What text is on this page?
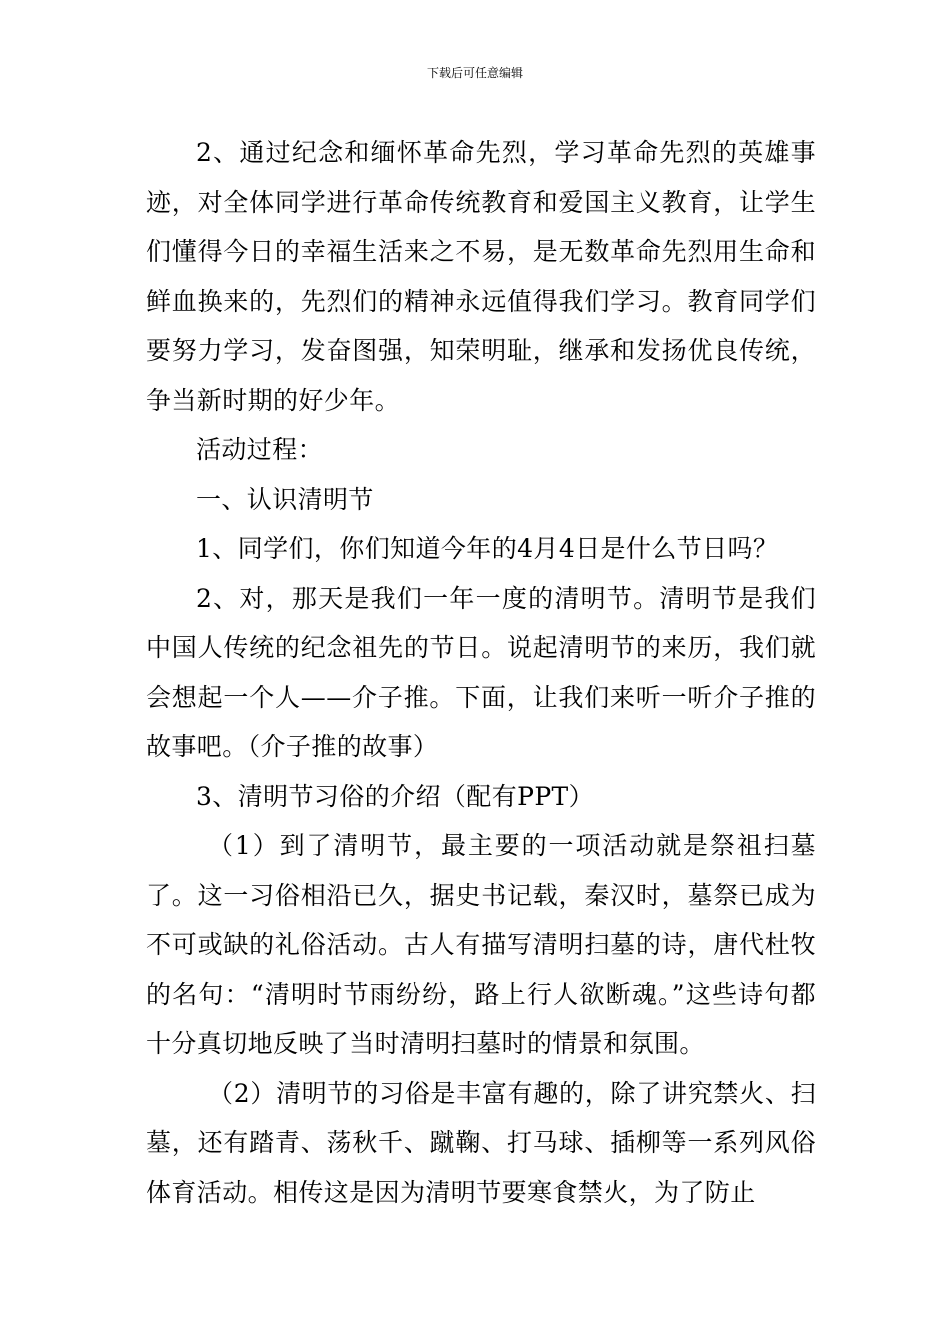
下载后可任意编辑

2、通过纪念和缅怀革命先烈，学习革命先烈的英雄事迹，对全体同学进行革命传统教育和爱国主义教育，让学生们懂得今日的幸福生活来之不易，是无数革命先烈用生命和鲜血换来的，先烈们的精神永远值得我们学习。教育同学们要努力学习，发奋图强，知荣明耻，继承和发扬优良传统，争当新时期的好少年。

活动过程：

一、认识清明节

1、同学们，你们知道今年的4月4日是什么节日吗？

2、对，那天是我们一年一度的清明节。清明节是我们中国人传统的纪念祖先的节日。说起清明节的来历，我们就会想起一个人——介子推。下面，让我们来听一听介子推的故事吧。（介子推的故事）

3、清明节习俗的介绍（配有PPT）

（1）到了清明节，最主要的一项活动就是祭祖扫墓了。这一习俗相沿已久，据史书记载，秦汉时，墓祭已成为不可或缺的礼俗活动。古人有描写清明扫墓的诗，唐代杜牧的名句：“清明时节雨纷纷，路上行人欲断魂。”这些诗句都十分真切地反映了当时清明扫墓时的情景和氛围。

（2）清明节的习俗是丰富有趣的，除了讲究禁火、扫墓，还有踏青、荡秋千、蹴鞠、打马球、插柳等一系列风俗体育活动。相传这是因为清明节要寒食禁火，为了防止
